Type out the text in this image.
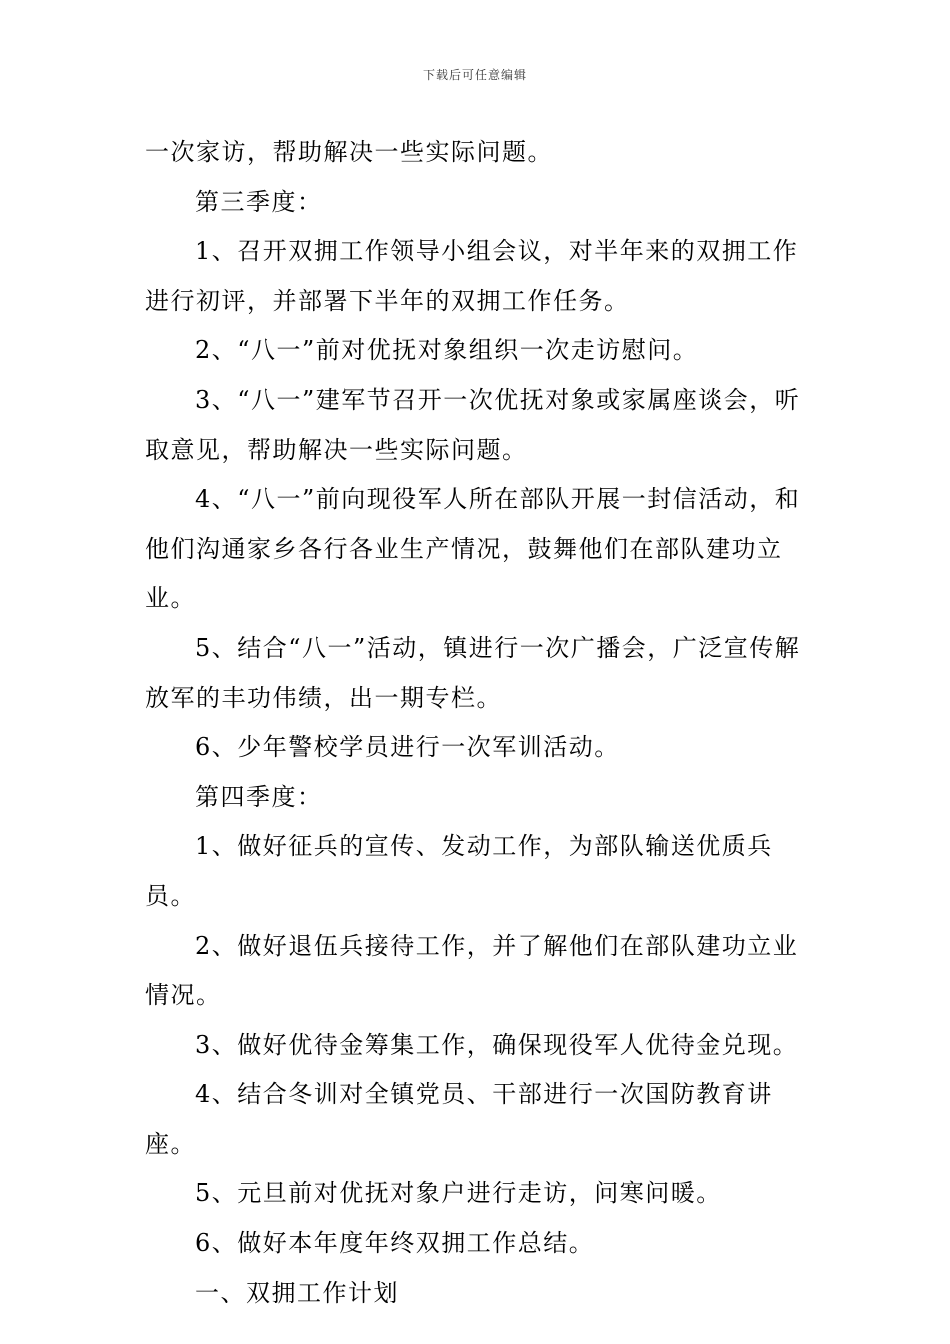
下载后可任意编辑

一次家访，帮助解决一些实际问题。

第三季度：

1、召开双拥工作领导小组会议，对半年来的双拥工作进行初评，并部署下半年的双拥工作任务。

2、“八一”前对优抚对象组织一次走访慰问。

3、“八一”建军节召开一次优抚对象或家属座谈会，听取意见，帮助解决一些实际问题。

4、“八一”前向现役军人所在部队开展一封信活动，和他们沟通家乡各行各业生产情况，鼓舞他们在部队建功立业。

5、结合“八一”活动，镇进行一次广播会，广泛宣传解放军的丰功伟绩，出一期专栏。

6、少年警校学员进行一次军训活动。

第四季度：

1、做好征兵的宣传、发动工作，为部队输送优质兵员。

2、做好退伍兵接待工作，并了解他们在部队建功立业情况。

3、做好优待金筹集工作，确保现役军人优待金兑现。

4、结合冬训对全镇党员、干部进行一次国防教育讲座。

5、元旦前对优抚对象户进行走访，问寒问暖。

6、做好本年度年终双拥工作总结。

一、双拥工作计划
